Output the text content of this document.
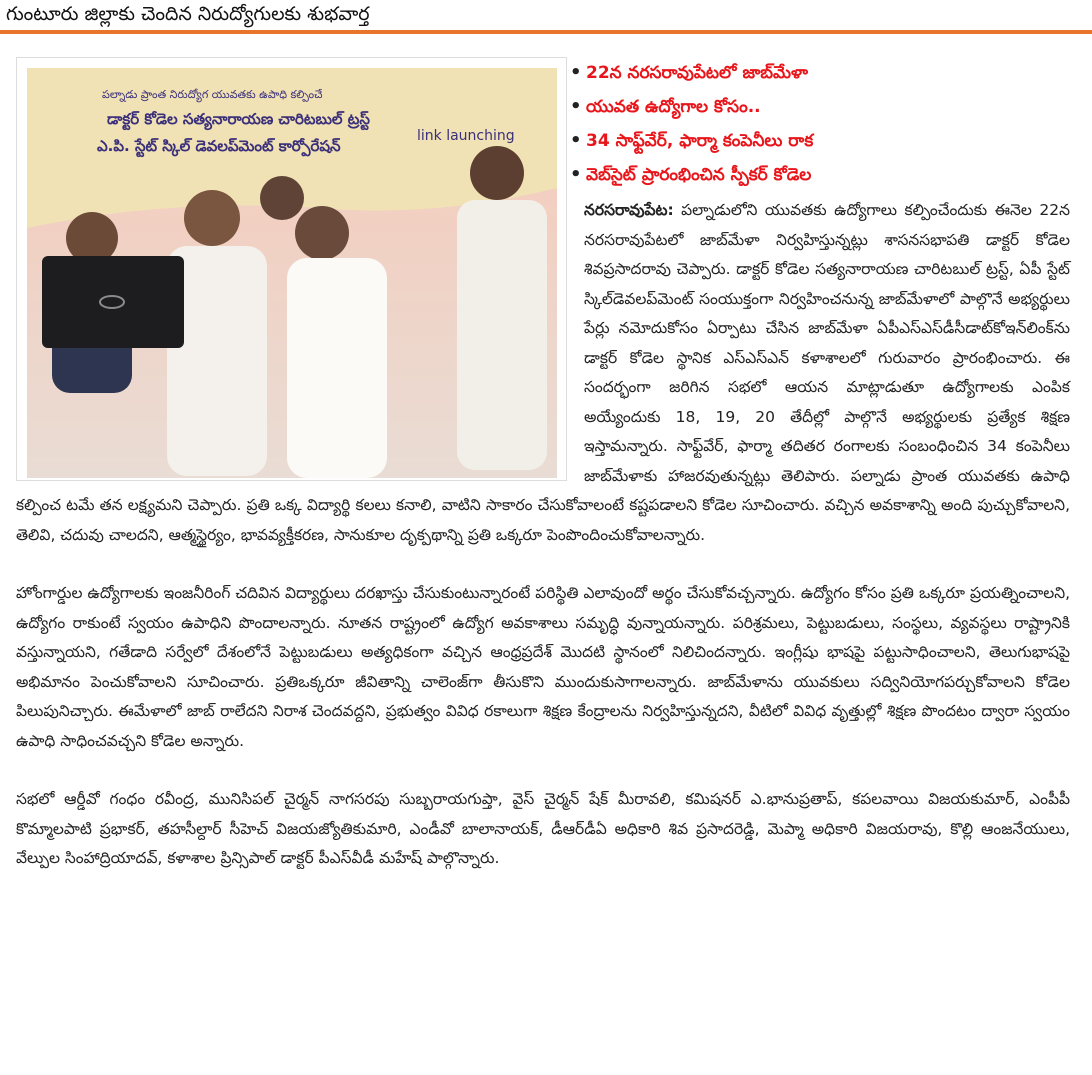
గుంటూరు జిల్లాకు చెందిన నిరుద్యోగులకు శుభవార్త
పల్నాడు ప్రాంత నిరుద్యోగ యువతకు ఉపాధి కల్పించే
డాక్టర్ కోడెల సత్యనారాయణ చారిటబుల్ ట్రస్ట్
ఎ.పి. స్టేట్ స్కిల్ డెవలప్‌మెంట్ కార్పోరేషన్
link launching
• 22న నరసరావుపేటలో జాబ్‌మేళా
• యువత ఉద్యోగాల కోసం..
• 34 సాఫ్ట్‌వేర్, ఫార్మా కంపెనీలు రాక
• వెబ్‌సైట్ ప్రారంభించిన స్పీకర్ కోడెల

నరసరావుపేట: పల్నాడులోని యువతకు ఉద్యోగాలు కల్పించేందుకు ఈనెల 22న నరసరావుపేటలో జాబ్‌మేళా నిర్వహిస్తున్నట్లు శాసనసభాపతి డాక్టర్ కోడెల శివప్రసాదరావు చెప్పారు. డాక్టర్ కోడెల సత్యనారాయణ చారిటబుల్ ట్రస్ట్, ఏపీ స్టేట్ స్కిల్‌డెవలప్‌మెంట్ సంయుక్తంగా నిర్వహించనున్న జాబ్‌మేళాలో పాల్గొనే అభ్యర్థులు పేర్లు నమోదుకోసం ఏర్పాటు చేసిన జాబ్‌మేళా ఏపీఎస్ఎస్‌డీసీడాట్‌కోఇన్‌లింక్‌ను డాక్టర్ కోడెల స్థానిక ఎస్ఎస్ఎన్ కళాశాలలో గురువారం ప్రారంభించారు. ఈ సందర్భంగా జరిగిన సభలో ఆయన మాట్లాడుతూ ఉద్యోగాలకు ఎంపిక అయ్యేందుకు 18, 19, 20 తేదీల్లో పాల్గొనే అభ్యర్థులకు ప్రత్యేక శిక్షణ ఇస్తామన్నారు. సాఫ్ట్‌వేర్, ఫార్మా తదితర రంగాలకు సంబంధించిన 34 కంపెనీలు జాబ్‌మేళాకు హాజరవుతున్నట్లు తెలిపారు. పల్నాడు ప్రాంత యువతకు ఉపాధి కల్పించ టమే తన లక్ష్యమని చెప్పారు. ప్రతి ఒక్క విద్యార్థి కలలు కనాలి, వాటిని సాకారం చేసుకోవాలంటే కష్టపడాలని కోడెల సూచించారు. వచ్చిన అవకాశాన్ని అంది పుచ్చుకోవాలని, తెలివి, చదువు చాలదని, ఆత్మస్థైర్యం, భావవ్యక్తీకరణ, సానుకూల దృక్పథాన్ని ప్రతి ఒక్కరూ పెంపొందించుకోవాలన్నారు.

హోంగార్డుల ఉద్యోగాలకు ఇంజనీరింగ్ చదివిన విద్యార్థులు దరఖాస్తు చేసుకుంటున్నారంటే పరిస్థితి ఎలావుందో అర్థం చేసుకోవచ్చన్నారు. ఉద్యోగం కోసం ప్రతి ఒక్కరూ ప్రయత్నించాలని, ఉద్యోగం రాకుంటే స్వయం ఉపాధిని పొందాలన్నారు. నూతన రాష్ట్రంలో ఉద్యోగ అవకాశాలు సమృద్ధి వున్నాయన్నారు. పరిశ్రమలు, పెట్టుబడులు, సంస్థలు, వ్యవస్థలు రాష్ట్రానికి వస్తున్నాయని, గతేడాది సర్వేలో దేశంలోనే పెట్టుబడులు అత్యధికంగా వచ్చిన ఆంధ్రప్రదేశ్ మొదటి స్థానంలో నిలిచిందన్నారు. ఇంగ్లీషు భాషపై పట్టుసాధించాలని, తెలుగుభాషపై అభిమానం పెంచుకోవాలని సూచించారు. ప్రతిఒక్కరూ జీవితాన్ని చాలెంజ్‌గా తీసుకొని ముందుకుసాగాలన్నారు. జాబ్‌మేళాను యువకులు సద్వినియోగపర్చుకోవాలని కోడెల పిలుపునిచ్చారు. ఈమేళాలో జాబ్ రాలేదని నిరాశ చెందవద్దని, ప్రభుత్వం వివిధ రకాలుగా శిక్షణ కేంద్రాలను నిర్వహిస్తున్నదని, వీటిలో వివిధ వృత్తుల్లో శిక్షణ పొందటం ద్వారా స్వయం ఉపాధి సాధించవచ్చని కోడెల అన్నారు.

సభలో ఆర్డీవో గంధం రవీంద్ర, మునిసిపల్ చైర్మన్ నాగసరపు సుబ్బరాయగుప్తా, వైస్ చైర్మన్ షేక్ మీరావలి, కమిషనర్ ఎ.భానుప్రతాప్, కపలవాయి విజయకుమార్, ఎంపీపీ కొమ్మాలపాటి ప్రభాకర్, తహసీల్దార్ సీహెచ్ విజయజ్యోతికుమారి, ఎండీవో బాలానాయక్, డీఆర్‌డీఏ అధికారి శివ ప్రసాదరెడ్డి, మెప్మా అధికారి విజయరావు, కొల్లి ఆంజనేయులు, వేల్పుల సింహాద్రియాదవ్, కళాశాల ప్రిన్సిపాల్ డాక్టర్ పీఎస్‌వీడీ మహేష్ పాల్గొన్నారు.
